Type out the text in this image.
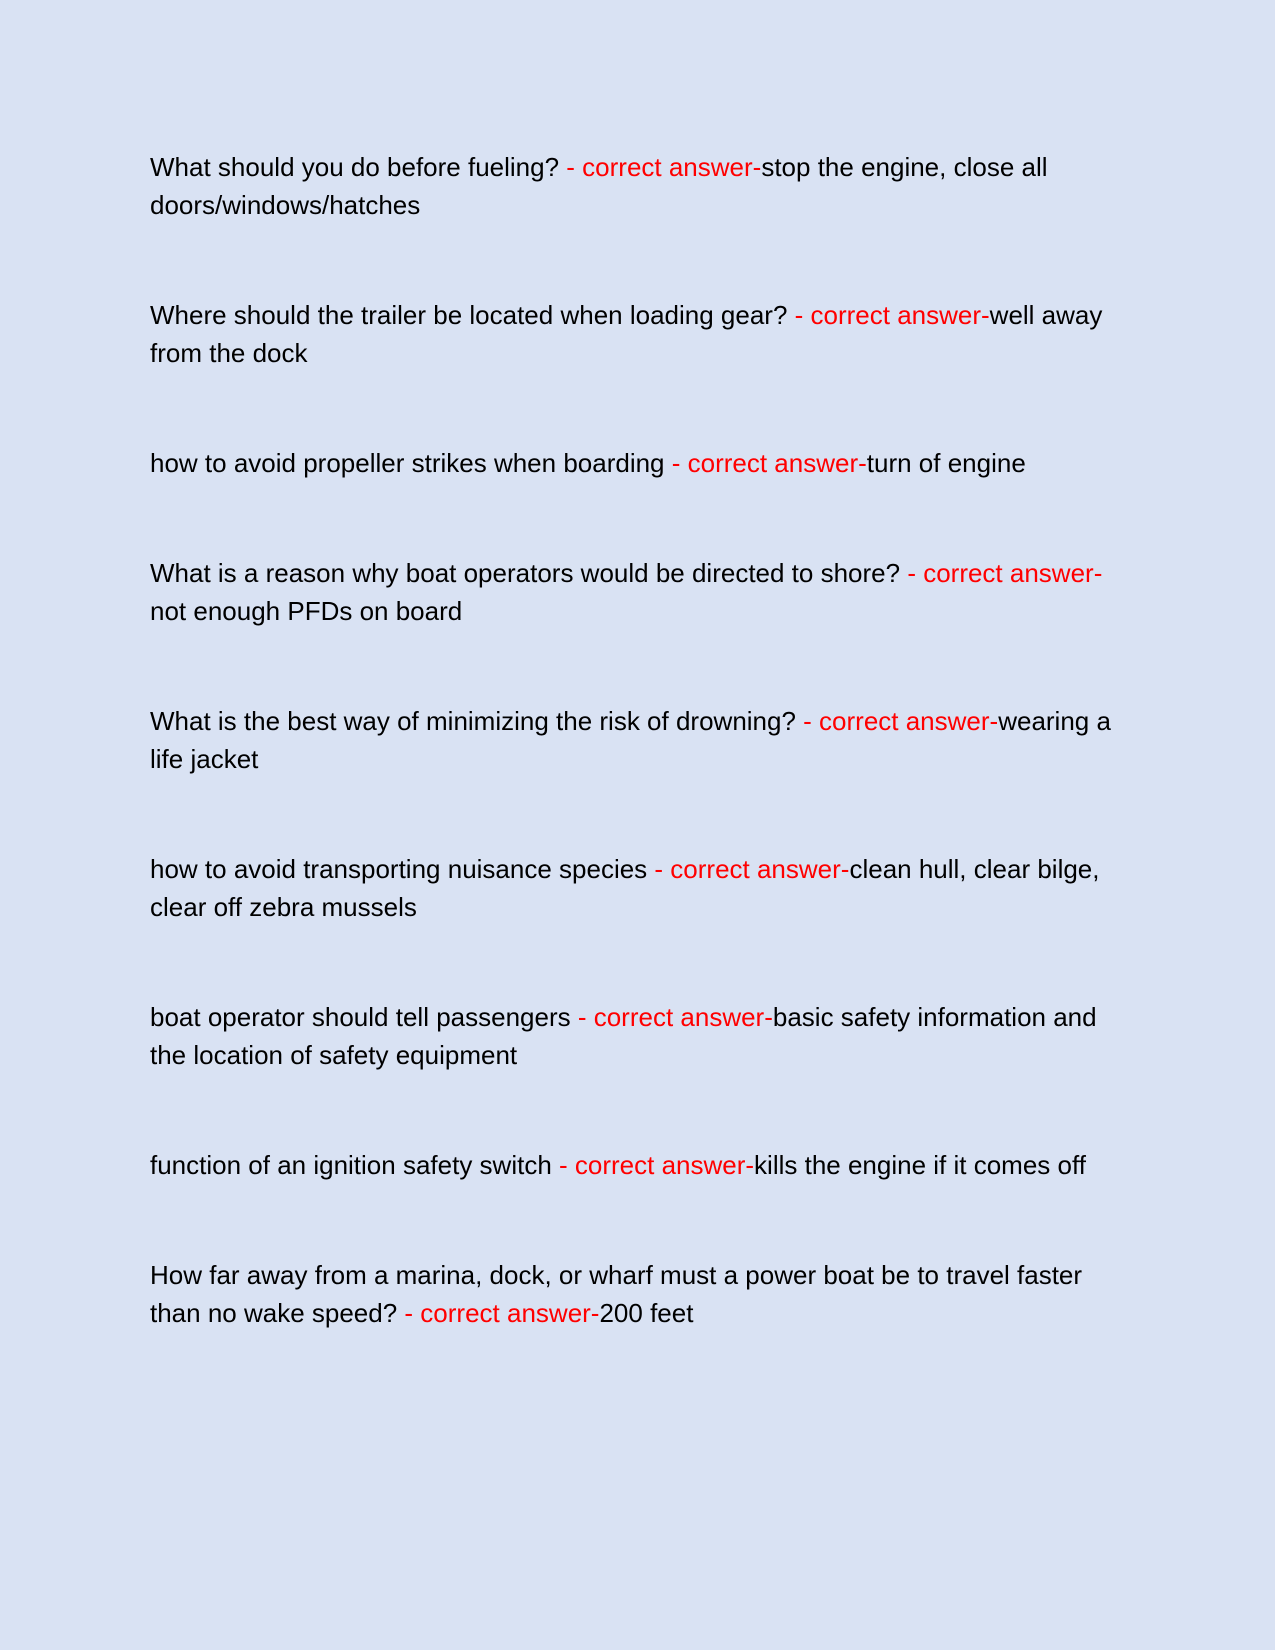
What should you do before fueling? - correct answer-stop the engine, close all doors/windows/hatches

Where should the trailer be located when loading gear? - correct answer-well away from the dock

how to avoid propeller strikes when boarding - correct answer-turn of engine

What is a reason why boat operators would be directed to shore? - correct answer-not enough PFDs on board

What is the best way of minimizing the risk of drowning? - correct answer-wearing a life jacket

how to avoid transporting nuisance species - correct answer-clean hull, clear bilge, clear off zebra mussels

boat operator should tell passengers - correct answer-basic safety information and the location of safety equipment

function of an ignition safety switch - correct answer-kills the engine if it comes off

How far away from a marina, dock, or wharf must a power boat be to travel faster than no wake speed? - correct answer-200 feet
